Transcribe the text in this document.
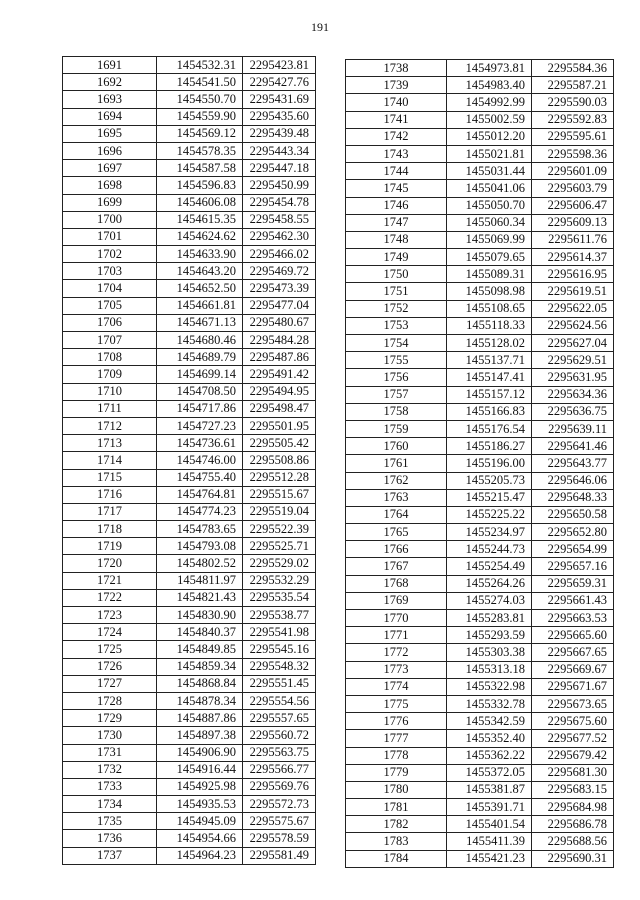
191
1691	1454532.31	2295423.81
1692	1454541.50	2295427.76
1693	1454550.70	2295431.69
1694	1454559.90	2295435.60
1695	1454569.12	2295439.48
1696	1454578.35	2295443.34
1697	1454587.58	2295447.18
1698	1454596.83	2295450.99
1699	1454606.08	2295454.78
1700	1454615.35	2295458.55
1701	1454624.62	2295462.30
1702	1454633.90	2295466.02
1703	1454643.20	2295469.72
1704	1454652.50	2295473.39
1705	1454661.81	2295477.04
1706	1454671.13	2295480.67
1707	1454680.46	2295484.28
1708	1454689.79	2295487.86
1709	1454699.14	2295491.42
1710	1454708.50	2295494.95
1711	1454717.86	2295498.47
1712	1454727.23	2295501.95
1713	1454736.61	2295505.42
1714	1454746.00	2295508.86
1715	1454755.40	2295512.28
1716	1454764.81	2295515.67
1717	1454774.23	2295519.04
1718	1454783.65	2295522.39
1719	1454793.08	2295525.71
1720	1454802.52	2295529.02
1721	1454811.97	2295532.29
1722	1454821.43	2295535.54
1723	1454830.90	2295538.77
1724	1454840.37	2295541.98
1725	1454849.85	2295545.16
1726	1454859.34	2295548.32
1727	1454868.84	2295551.45
1728	1454878.34	2295554.56
1729	1454887.86	2295557.65
1730	1454897.38	2295560.72
1731	1454906.90	2295563.75
1732	1454916.44	2295566.77
1733	1454925.98	2295569.76
1734	1454935.53	2295572.73
1735	1454945.09	2295575.67
1736	1454954.66	2295578.59
1737	1454964.23	2295581.49
1738	1454973.81	2295584.36
1739	1454983.40	2295587.21
1740	1454992.99	2295590.03
1741	1455002.59	2295592.83
1742	1455012.20	2295595.61
1743	1455021.81	2295598.36
1744	1455031.44	2295601.09
1745	1455041.06	2295603.79
1746	1455050.70	2295606.47
1747	1455060.34	2295609.13
1748	1455069.99	2295611.76
1749	1455079.65	2295614.37
1750	1455089.31	2295616.95
1751	1455098.98	2295619.51
1752	1455108.65	2295622.05
1753	1455118.33	2295624.56
1754	1455128.02	2295627.04
1755	1455137.71	2295629.51
1756	1455147.41	2295631.95
1757	1455157.12	2295634.36
1758	1455166.83	2295636.75
1759	1455176.54	2295639.11
1760	1455186.27	2295641.46
1761	1455196.00	2295643.77
1762	1455205.73	2295646.06
1763	1455215.47	2295648.33
1764	1455225.22	2295650.58
1765	1455234.97	2295652.80
1766	1455244.73	2295654.99
1767	1455254.49	2295657.16
1768	1455264.26	2295659.31
1769	1455274.03	2295661.43
1770	1455283.81	2295663.53
1771	1455293.59	2295665.60
1772	1455303.38	2295667.65
1773	1455313.18	2295669.67
1774	1455322.98	2295671.67
1775	1455332.78	2295673.65
1776	1455342.59	2295675.60
1777	1455352.40	2295677.52
1778	1455362.22	2295679.42
1779	1455372.05	2295681.30
1780	1455381.87	2295683.15
1781	1455391.71	2295684.98
1782	1455401.54	2295686.78
1783	1455411.39	2295688.56
1784	1455421.23	2295690.31
